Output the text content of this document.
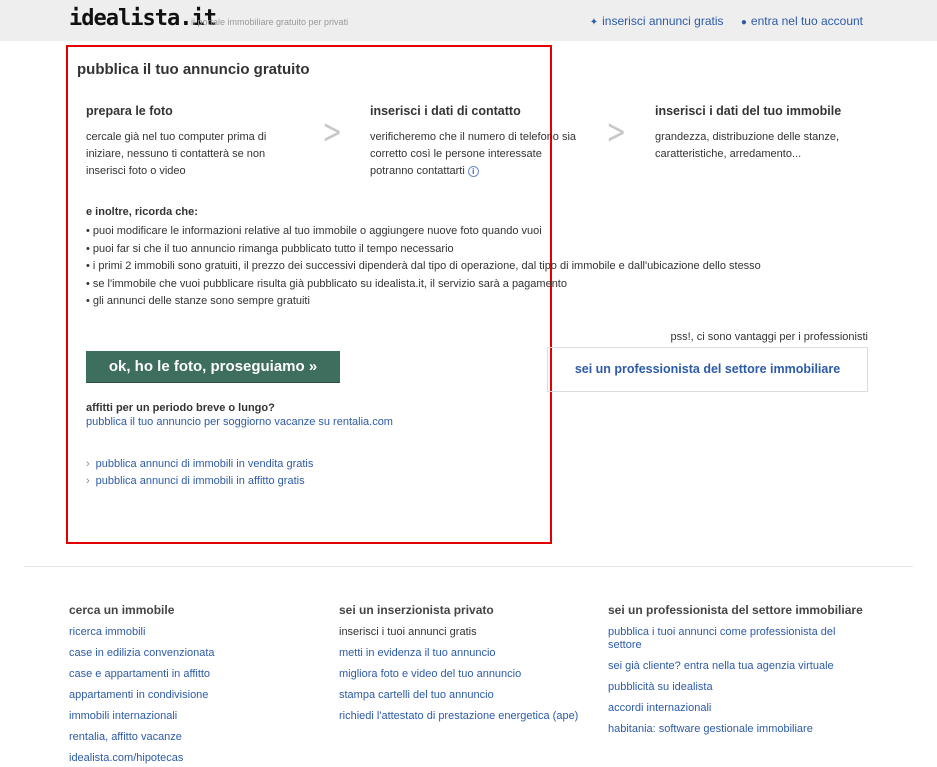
idealista.it
il portale immobiliare gratuito per privati	✦ inserisci annunci gratis ● entra nel tuo account
pubblica il tuo annuncio gratuito
prepara le foto

cercale già nel tuo computer prima di iniziare, nessuno ti contatterà se non inserisci foto o video

>
inserisci i dati di contatto

verificheremo che il numero di telefono sia corretto così le persone interessate potranno contattarti i

>
inserisci i dati del tuo immobile

grandezza, distribuzione delle stanze, caratteristiche, arredamento...

e inoltre, ricorda che:
• puoi modificare le informazioni relative al tuo immobile o aggiungere nuove foto quando vuoi
• puoi far si che il tuo annuncio rimanga pubblicato tutto il tempo necessario
• i primi 2 immobili sono gratuiti, il prezzo dei successivi dipenderà dal tipo di operazione, dal tipo di immobile e dall'ubicazione dello stesso
• se l'immobile che vuoi pubblicare risulta già pubblicato su idealista.it, il servizio sarà a pagamento
• gli annunci delle stanze sono sempre gratuiti
pss!, ci sono vantaggi per i professionisti
sei un professionista del settore immobiliare
ok, ho le foto, proseguiamo »
affitti per un periodo breve o lungo?
pubblica il tuo annuncio per soggiorno vacanze su rentalia.com
› pubblica annunci di immobili in vendita gratis
› pubblica annunci di immobili in affitto gratis
cerca un immobile
ricerca immobili
case in edilizia convenzionata
case e appartamenti in affitto
appartamenti in condivisione
immobili internazionali
rentalia, affitto vacanze
idealista.com/hipotecas
sei un inserzionista privato
inserisci i tuoi annunci gratis
metti in evidenza il tuo annuncio
migliora foto e video del tuo annuncio
stampa cartelli del tuo annuncio
richiedi l'attestato di prestazione energetica (ape)
sei un professionista del settore immobiliare
pubblica i tuoi annunci come professionista del settore
sei già cliente? entra nella tua agenzia virtuale
pubblicità su idealista
accordi internazionali
habitania: software gestionale immobiliare
